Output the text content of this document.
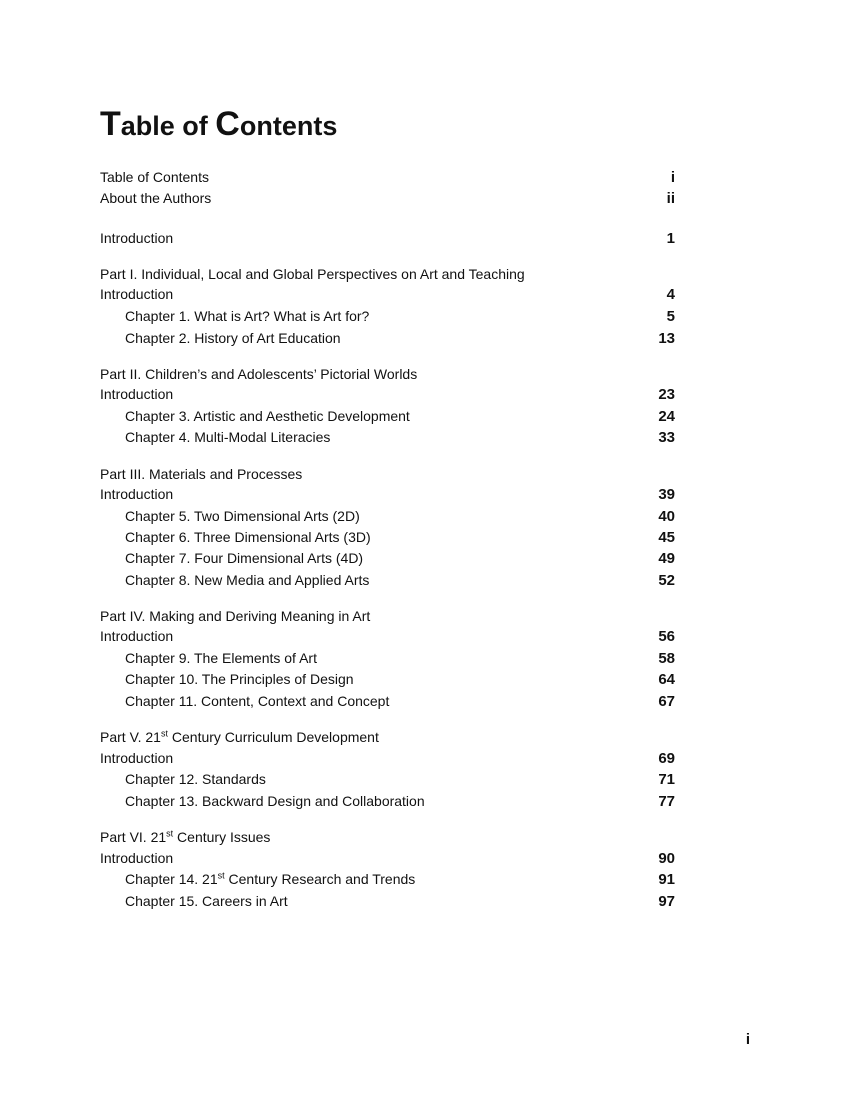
Table of Contents
Table of Contents	i
About the Authors	ii
Introduction	1
Part I. Individual, Local and Global Perspectives on Art and Teaching
Introduction	4
Chapter 1. What is Art? What is Art for?	5
Chapter 2. History of Art Education	13
Part II. Children’s and Adolescents’ Pictorial Worlds
Introduction	23
Chapter 3. Artistic and Aesthetic Development	24
Chapter 4. Multi-Modal Literacies	33
Part III. Materials and Processes
Introduction	39
Chapter 5. Two Dimensional Arts (2D)	40
Chapter 6. Three Dimensional Arts (3D)	45
Chapter 7. Four Dimensional Arts (4D)	49
Chapter 8. New Media and Applied Arts	52
Part IV. Making and Deriving Meaning in Art
Introduction	56
Chapter 9. The Elements of Art	58
Chapter 10. The Principles of Design	64
Chapter 11. Content, Context and Concept	67
Part V. 21st Century Curriculum Development
Introduction	69
Chapter 12. Standards	71
Chapter 13. Backward Design and Collaboration	77
Part VI. 21st Century Issues
Introduction	90
Chapter 14. 21st Century Research and Trends	91
Chapter 15. Careers in Art	97
i
